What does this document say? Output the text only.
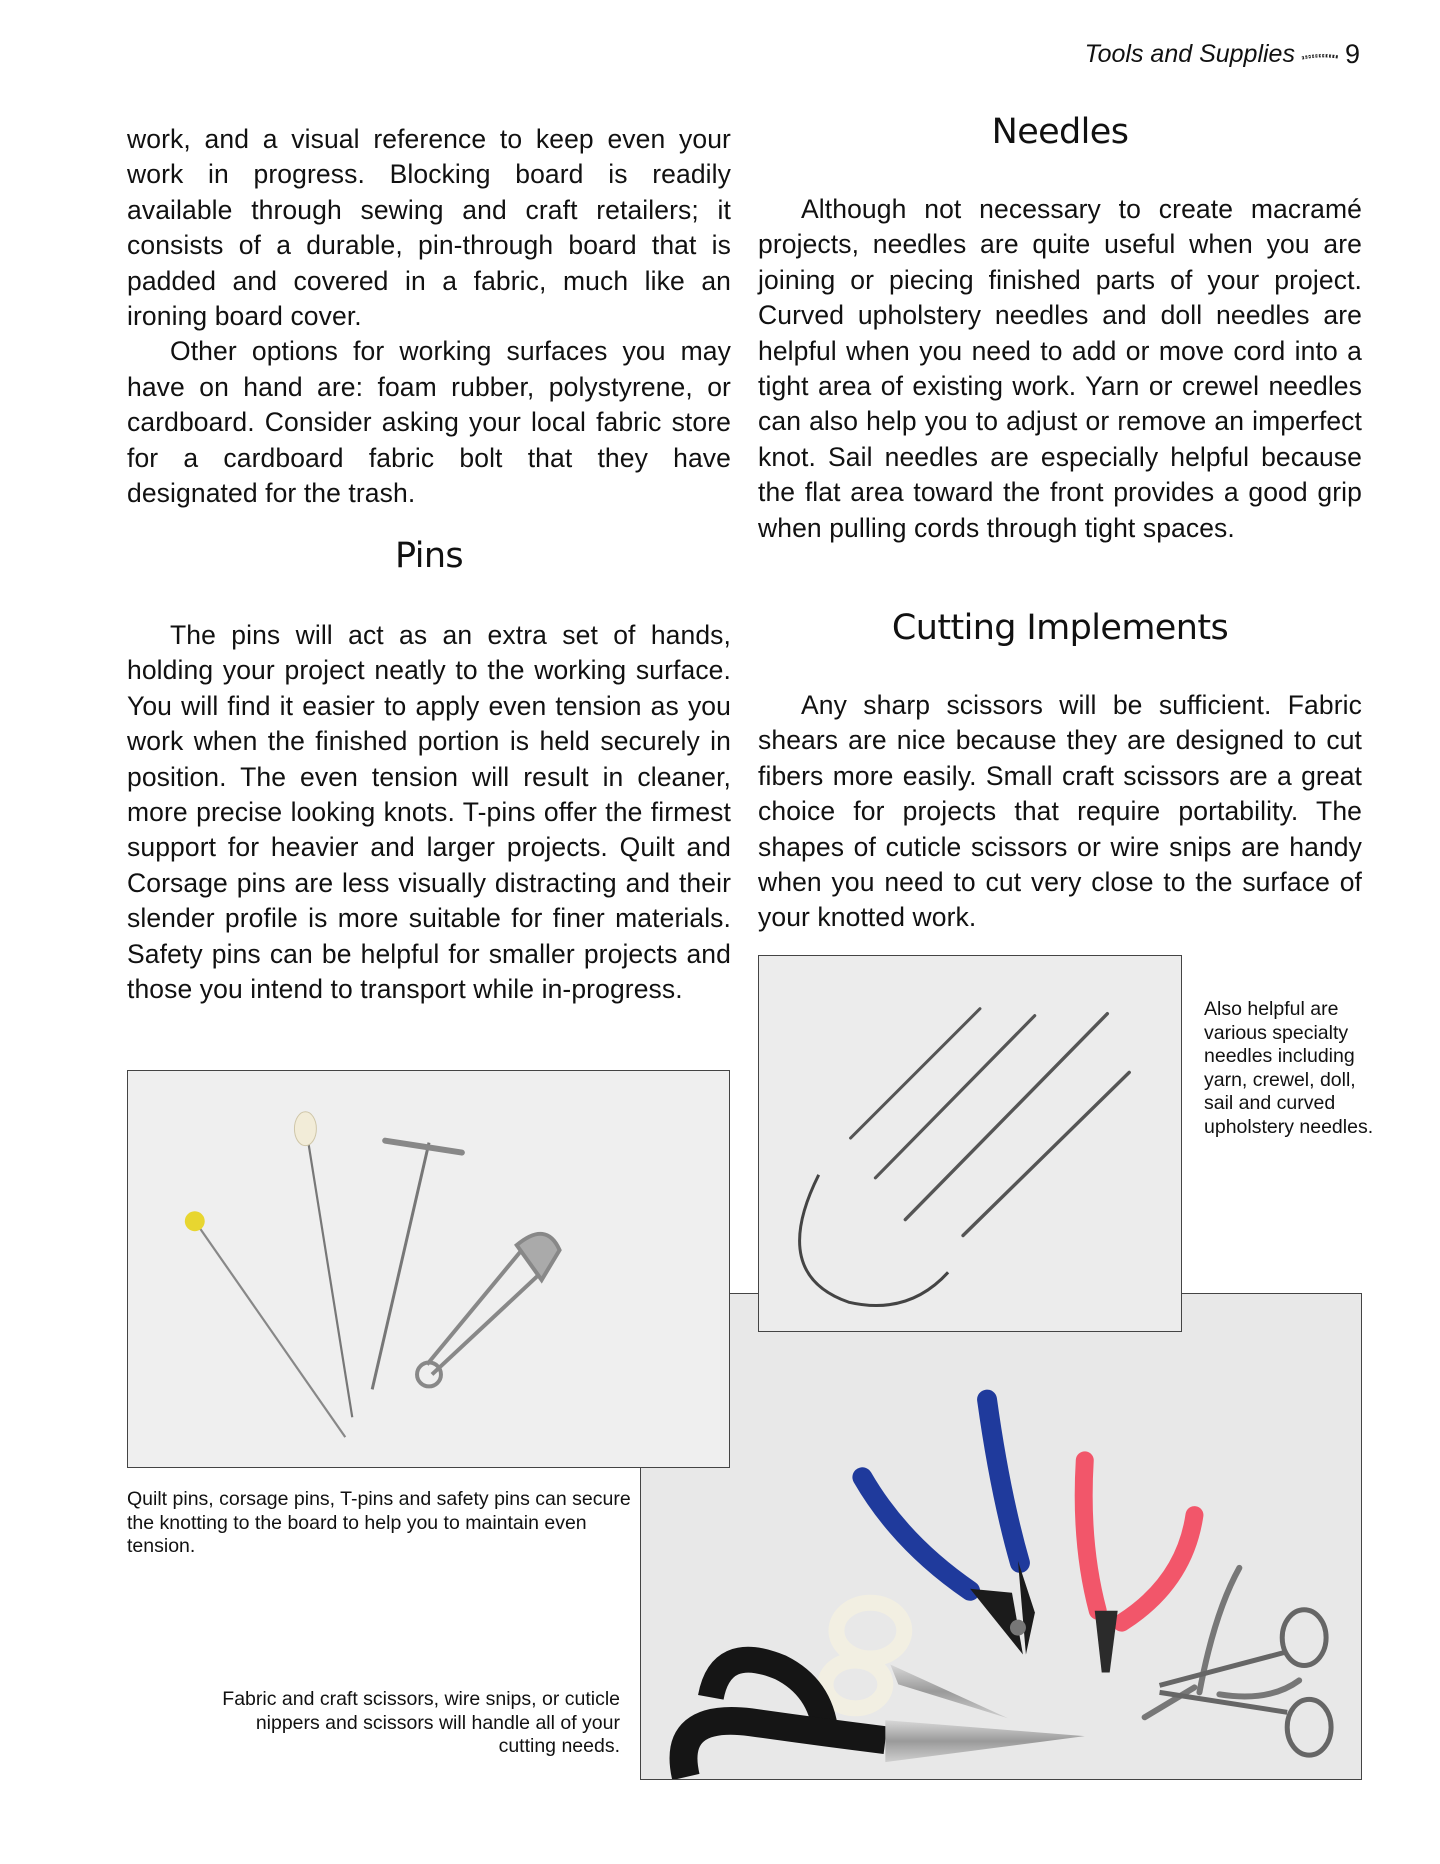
Tools and Supplies 9

work, and a visual reference to keep even your work in progress. Blocking board is readily available through sewing and craft retailers; it consists of a durable, pin-through board that is padded and covered in a fabric, much like an ironing board cover.

Other options for working surfaces you may have on hand are: foam rubber, polystyrene, or cardboard. Consider asking your local fabric store for a cardboard fabric bolt that they have designated for the trash.

Pins

The pins will act as an extra set of hands, holding your project neatly to the working surface. You will find it easier to apply even tension as you work when the finished portion is held securely in position. The even tension will result in cleaner, more precise looking knots. T-pins offer the firmest support for heavier and larger projects. Quilt and Corsage pins are less visually distracting and their slender profile is more suitable for finer materials. Safety pins can be helpful for smaller projects and those you intend to transport while in-progress.

Needles

Although not necessary to create macramé projects, needles are quite useful when you are joining or piecing finished parts of your project. Curved upholstery needles and doll needles are helpful when you need to add or move cord into a tight area of existing work. Yarn or crewel needles can also help you to adjust or remove an imperfect knot. Sail needles are especially helpful because the flat area toward the front provides a good grip when pulling cords through tight spaces.

Cutting Implements

Any sharp scissors will be sufficient. Fabric shears are nice because they are designed to cut fibers more easily. Small craft scissors are a great choice for projects that require portability. The shapes of cuticle scissors or wire snips are handy when you need to cut very close to the surface of your knotted work.

Also helpful are various specialty needles including yarn, crewel, doll, sail and curved upholstery needles.
Quilt pins, corsage pins, T-pins and safety pins can secure the knotting to the board to help you to maintain even tension.
Fabric and craft scissors, wire snips, or cuticle nippers and scissors will handle all of your cutting needs.
